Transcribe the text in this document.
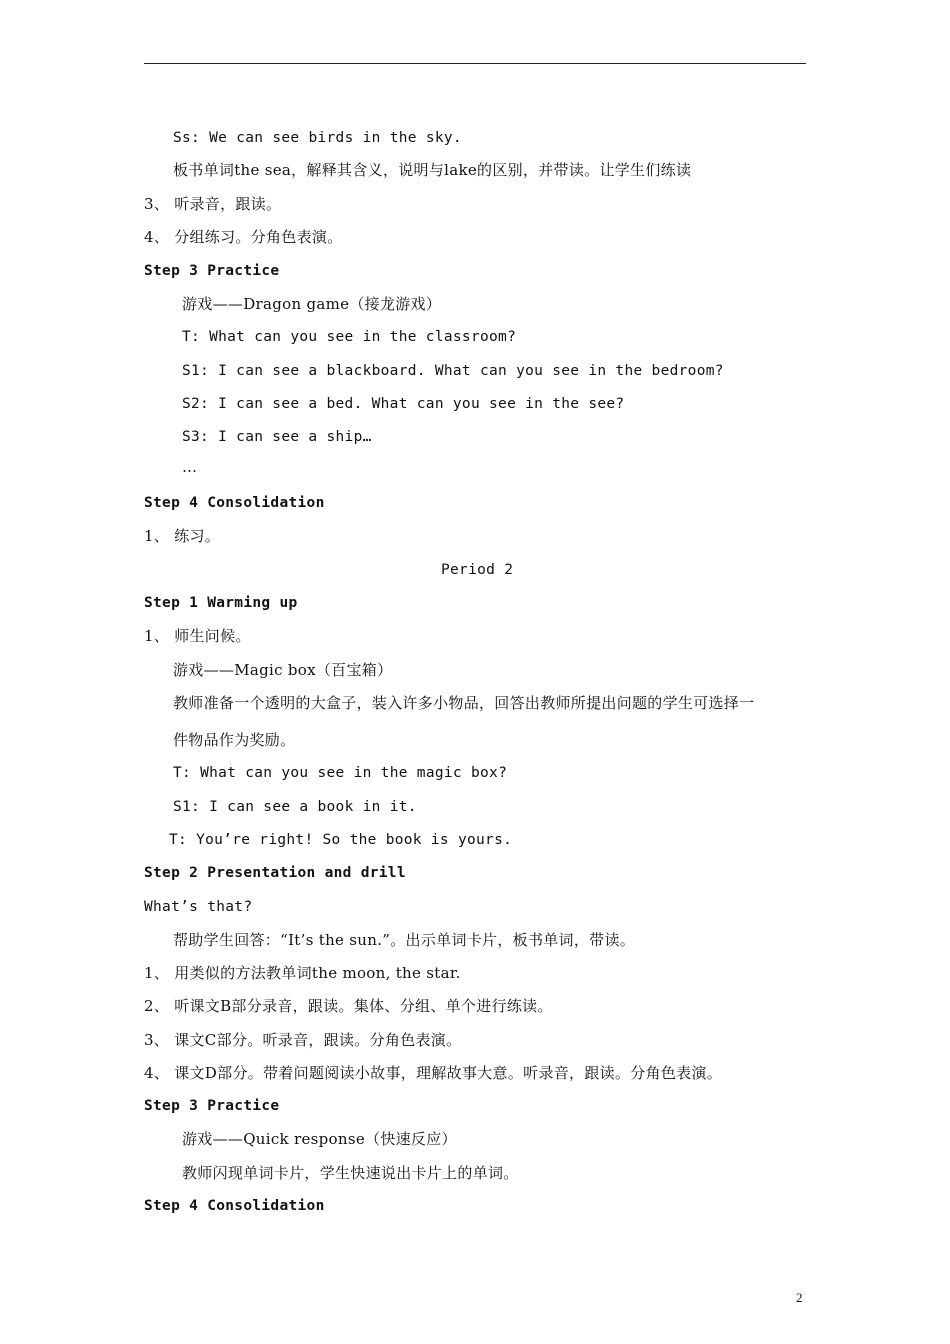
Ss: We can see birds in the sky.
板书单词the sea，解释其含义，说明与lake的区别，并带读。让学生们练读
3、 听录音，跟读。
4、 分组练习。分角色表演。
Step 3 Practice
游戏——Dragon game（接龙游戏）
T: What can you see in the classroom?
S1: I can see a blackboard. What can you see in the bedroom?
S2: I can see a bed. What can you see in the see?
S3: I can see a ship…
…
Step 4 Consolidation
1、 练习。
Period 2
Step 1 Warming up
1、 师生问候。
游戏——Magic box（百宝箱）
教师准备一个透明的大盒子，装入许多小物品，回答出教师所提出问题的学生可选择一
件物品作为奖励。
T: What can you see in the magic box?
S1: I can see a book in it.
T: You’re right! So the book is yours.
Step 2 Presentation and drill
What’s that?
帮助学生回答：“It’s the sun.”。出示单词卡片，板书单词，带读。
1、 用类似的方法教单词the moon, the star.
2、 听课文B部分录音，跟读。集体、分组、单个进行练读。
3、 课文C部分。听录音，跟读。分角色表演。
4、 课文D部分。带着问题阅读小故事，理解故事大意。听录音，跟读。分角色表演。
Step 3 Practice
游戏——Quick response（快速反应）
教师闪现单词卡片，学生快速说出卡片上的单词。
Step 4 Consolidation
2
